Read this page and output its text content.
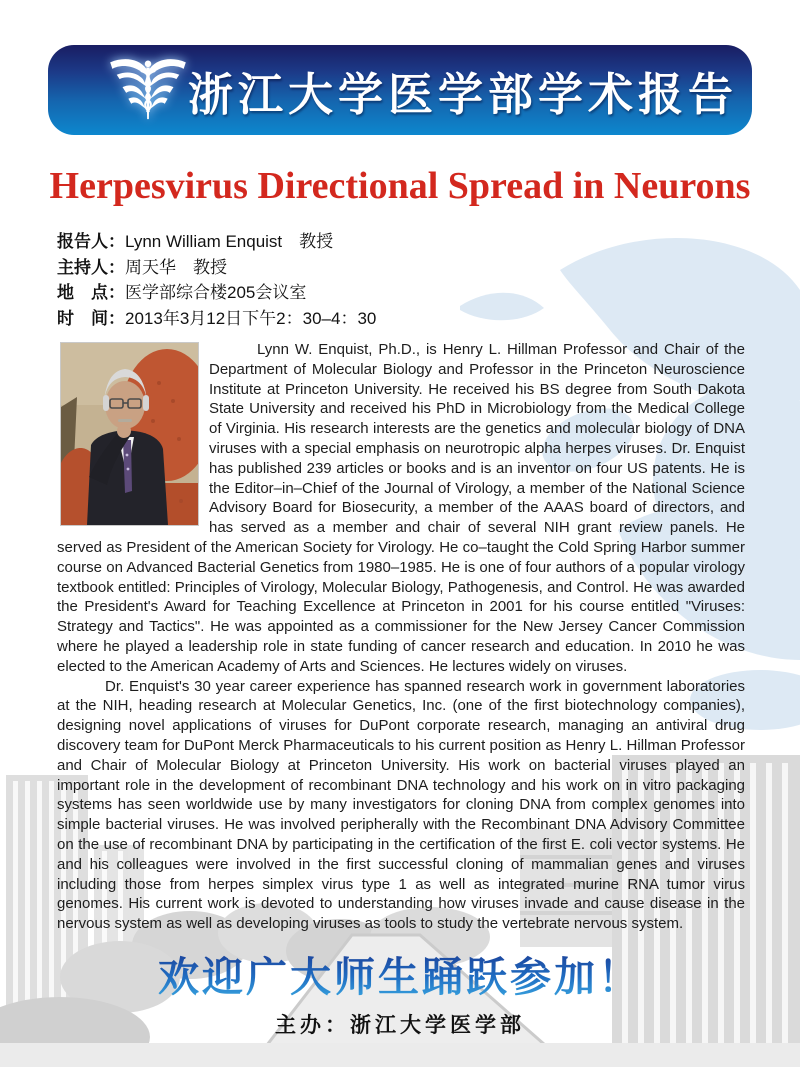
浙江大学医学部学术报告
Herpesvirus Directional Spread in Neurons
报告人：Lynn William Enquist　教授
主持人：周天华　教授
地　点：医学部综合楼205会议室
时　间：2013年3月12日下午2：30–4：30

Lynn W. Enquist, Ph.D., is Henry L. Hillman Professor and Chair of the Department of Molecular Biology and Professor in the Princeton Neuroscience Institute at Princeton University. He received his BS degree from South Dakota State University and received his PhD in Microbiology from the Medical College of Virginia. His research interests are the genetics and molecular biology of DNA viruses with a special emphasis on neurotropic alpha herpes viruses. Dr. Enquist has published 239 articles or books and is an inventor on four US patents. He is the Editor–in–Chief of the Journal of Virology, a member of the National Science Advisory Board for Biosecurity, a member of the AAAS board of directors, and has served as a member and chair of several NIH grant review panels. He served as President of the American Society for Virology. He co–taught the Cold Spring Harbor summer course on Advanced Bacterial Genetics from 1980–1985. He is one of four authors of a popular virology textbook entitled: Principles of Virology, Molecular Biology, Pathogenesis, and Control. He was awarded the President's Award for Teaching Excellence at Princeton in 2001 for his course entitled "Viruses: Strategy and Tactics". He was appointed as a commissioner for the New Jersey Cancer Commission where he played a leadership role in state funding of cancer research and education. In 2010 he was elected to the American Academy of Arts and Sciences. He lectures widely on viruses.

Dr. Enquist's 30 year career experience has spanned research work in government laboratories at the NIH, heading research at Molecular Genetics, Inc. (one of the first biotechnology companies), designing novel applications of viruses for DuPont corporate research, managing an antiviral drug discovery team for DuPont Merck Pharmaceuticals to his current position as Henry L. Hillman Professor and Chair of Molecular Biology at Princeton University. His work on bacterial viruses played an important role in the development of recombinant DNA technology and his work on in vitro packaging systems has seen worldwide use by many investigators for cloning DNA from complex genomes into simple bacterial viruses. He was involved peripherally with the Recombinant DNA Advisory Committee on the use of recombinant DNA by participating in the certification of the first E. coli vector systems. He and his colleagues were involved in the first successful cloning of mammalian genes and viruses including those from herpes simplex virus type 1 as well as integrated murine RNA tumor virus genomes. His current work is devoted to understanding how viruses invade and cause disease in the nervous system as well as developing viruses as tools to study the vertebrate nervous system.

欢迎广大师生踊跃参加！
主办：浙江大学医学部
